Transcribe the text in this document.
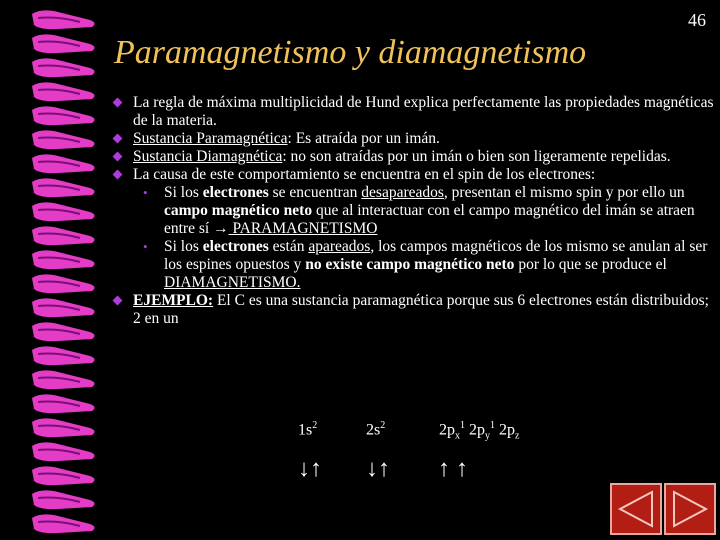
46
Paramagnetismo y diamagnetismo
La regla de máxima multiplicidad de Hund explica perfectamente las propiedades magnéticas de la materia.
Sustancia Paramagnética: Es atraída por un imán.
Sustancia Diamagnética: no son atraídas por un imán o bien son ligeramente repelidas.
La causa de este comportamiento se encuentra en el spin de los electrones:
• Si los electrones se encuentran desapareados, presentan el mismo spin y por ello un campo magnético neto que al interactuar con el campo magnético del imán se atraen entre sí → PARAMAGNETISMO
• Si los electrones están apareados, los campos magnéticos de los mismo se anulan al ser los espines opuestos y no existe campo magnético neto por lo que se produce el DIAMAGNETISMO.
EJEMPLO: El C es una sustancia paramagnética porque sus 6 electrones están distribuidos; 2 en un
$1s^2$	$2s^2$	$2p_x^1$ $2p_y^1$ $2p_z$
↓↑ ↓↑ ↑ ↑
